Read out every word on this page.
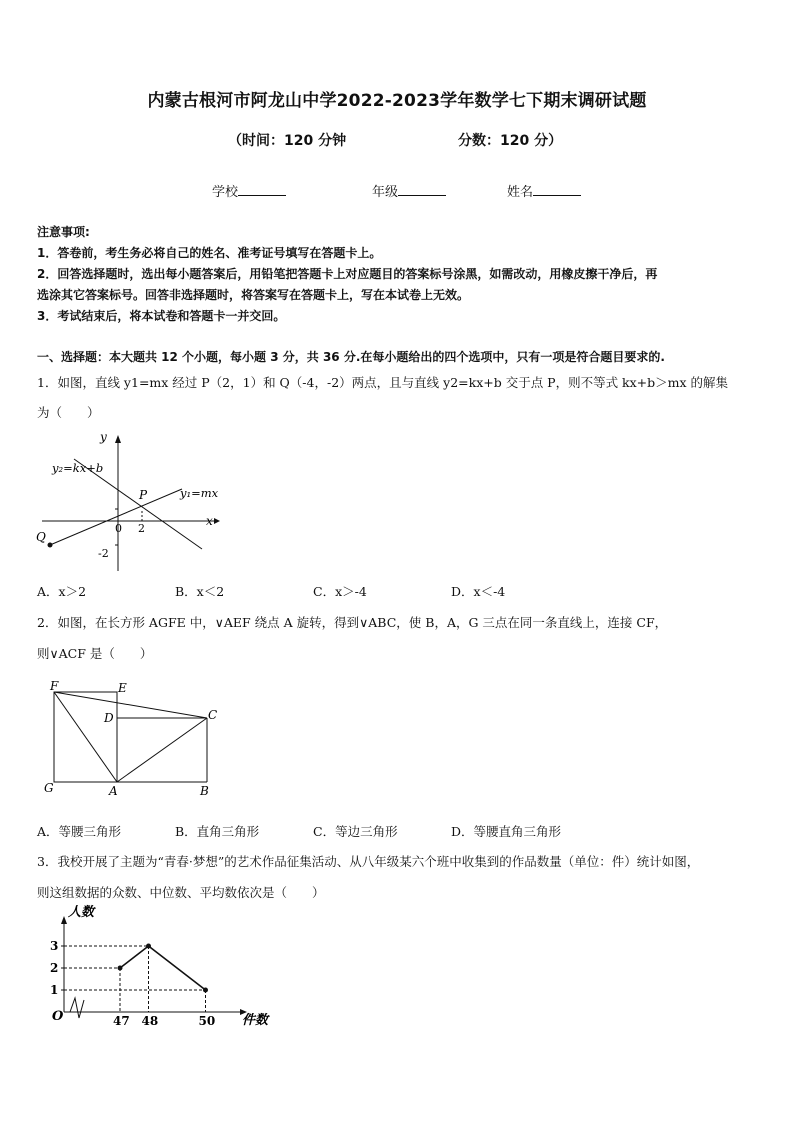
内蒙古根河市阿龙山中学2022-2023学年数学七下期末调研试题
（时间：120 分钟	分数：120 分）
学校	年级	姓名
注意事项:
1．答卷前，考生务必将自己的姓名、准考证号填写在答题卡上。
2．回答选择题时，选出每小题答案后，用铅笔把答题卡上对应题目的答案标号涂黑，如需改动，用橡皮擦干净后，再
选涂其它答案标号。回答非选择题时，将答案写在答题卡上，写在本试卷上无效。
3．考试结束后，将本试卷和答题卡一并交回。
一、选择题：本大题共 12 个小题，每小题 3 分，共 36 分.在每小题给出的四个选项中，只有一项是符合题目要求的.
1．如图，直线 y1=mx 经过 P（2，1）和 Q（-4，-2）两点，且与直线 y2=kx+b 交于点 P，则不等式 kx+b＞mx 的解集
为（　　）
y
x
y₂=kx+b
y₁=mx
P
Q
0 2
-2
A．x＞2	B．x＜2	C．x＞-4	D．x＜-4
2．如图，在长方形 AGFE 中，∨AEF 绕点 A 旋转，得到∨ABC，使 B，A，G 三点在同一条直线上，连接 CF，
则∨ACF 是（　　）
F	E
D	C
G	A	B
A．等腰三角形	B．直角三角形	C．等边三角形	D．等腰直角三角形
3．我校开展了主题为“青春·梦想”的艺术作品征集活动、从八年级某六个班中收集到的作品数量（单位：件）统计如图，
则这组数据的众数、中位数、平均数依次是（　　）
1
2
3
47 48	50
人数
件数
O
